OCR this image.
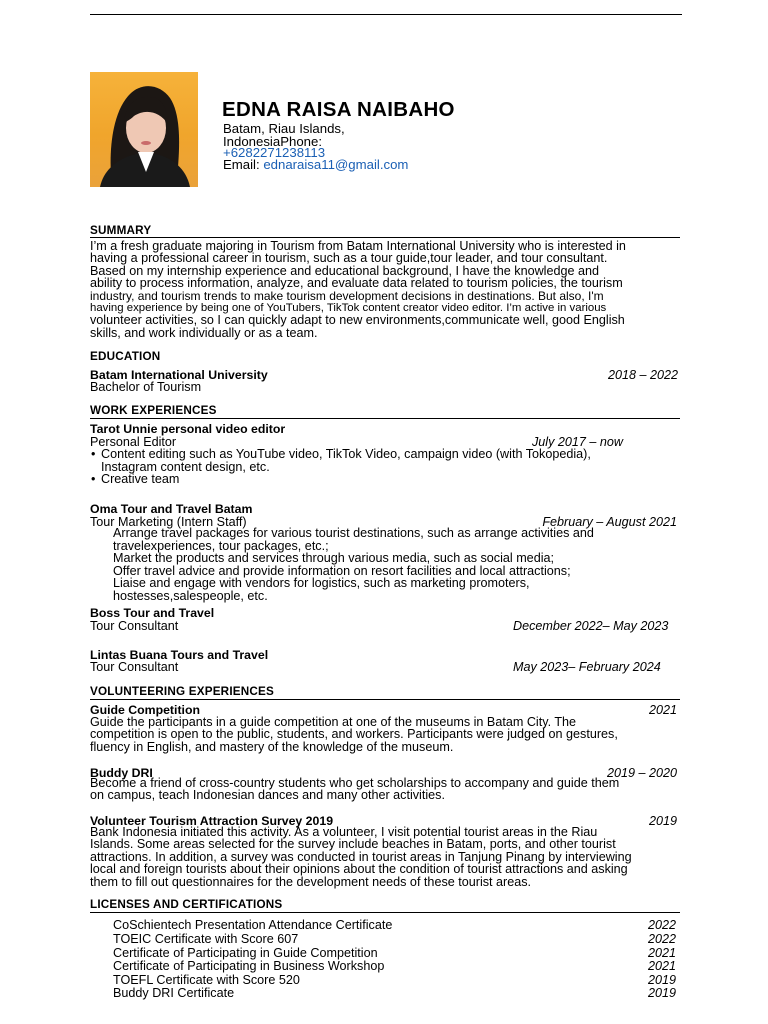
EDNA RAISA NAIBAHO
Batam, Riau Islands,
IndonesiaPhone:
+6282271238113
Email: ednaraisa11@gmail.com
SUMMARY
I’m a fresh graduate majoring in Tourism from Batam International University who is interested in
having a professional career in tourism, such as a tour guide,tour leader, and tour consultant.
Based on my internship experience and educational background, I have the knowledge and
ability to process information, analyze, and evaluate data related to tourism policies, the tourism
industry, and tourism trends to make tourism development decisions in destinations. But also, I'm
having experience by being one of YouTubers, TikTok content creator video editor. I’m active in various
volunteer activities, so I can quickly adapt to new environments,communicate well, good English
skills, and work individually or as a team.
EDUCATION
Batam International University	2018 – 2022
Bachelor of Tourism
WORK EXPERIENCES
Tarot Unnie personal video editor
Personal Editor	July 2017 – now
• Content editing such as YouTube video, TikTok Video, campaign video (with Tokopedia),
Instagram content design, etc.
• Creative team
Oma Tour and Travel Batam
Tour Marketing (Intern Staff)	February – August 2021
Arrange travel packages for various tourist destinations, such as arrange activities and
travelexperiences, tour packages, etc.;
Market the products and services through various media, such as social media;
Offer travel advice and provide information on resort facilities and local attractions;
Liaise and engage with vendors for logistics, such as marketing promoters,
hostesses,salespeople, etc.
Boss Tour and Travel
Tour Consultant	December 2022– May 2023
Lintas Buana Tours and Travel
Tour Consultant	May 2023– February 2024
VOLUNTEERING EXPERIENCES
Guide Competition	2021
Guide the participants in a guide competition at one of the museums in Batam City. The
competition is open to the public, students, and workers. Participants were judged on gestures,
fluency in English, and mastery of the knowledge of the museum.
Buddy DRI	2019 – 2020
Become a friend of cross-country students who get scholarships to accompany and guide them
on campus, teach Indonesian dances and many other activities.
Volunteer Tourism Attraction Survey 2019	2019
Bank Indonesia initiated this activity. As a volunteer, I visit potential tourist areas in the Riau
Islands. Some areas selected for the survey include beaches in Batam, ports, and other tourist
attractions. In addition, a survey was conducted in tourist areas in Tanjung Pinang by interviewing
local and foreign tourists about their opinions about the condition of tourist attractions and asking
them to fill out questionnaires for the development needs of these tourist areas.
LICENSES AND CERTIFICATIONS
CoSchientech Presentation Attendance Certificate	2022
TOEIC Certificate with Score 607	2022
Certificate of Participating in Guide Competition	2021
Certificate of Participating in Business Workshop	2021
TOEFL Certificate with Score 520	2019
Buddy DRI Certificate	2019
